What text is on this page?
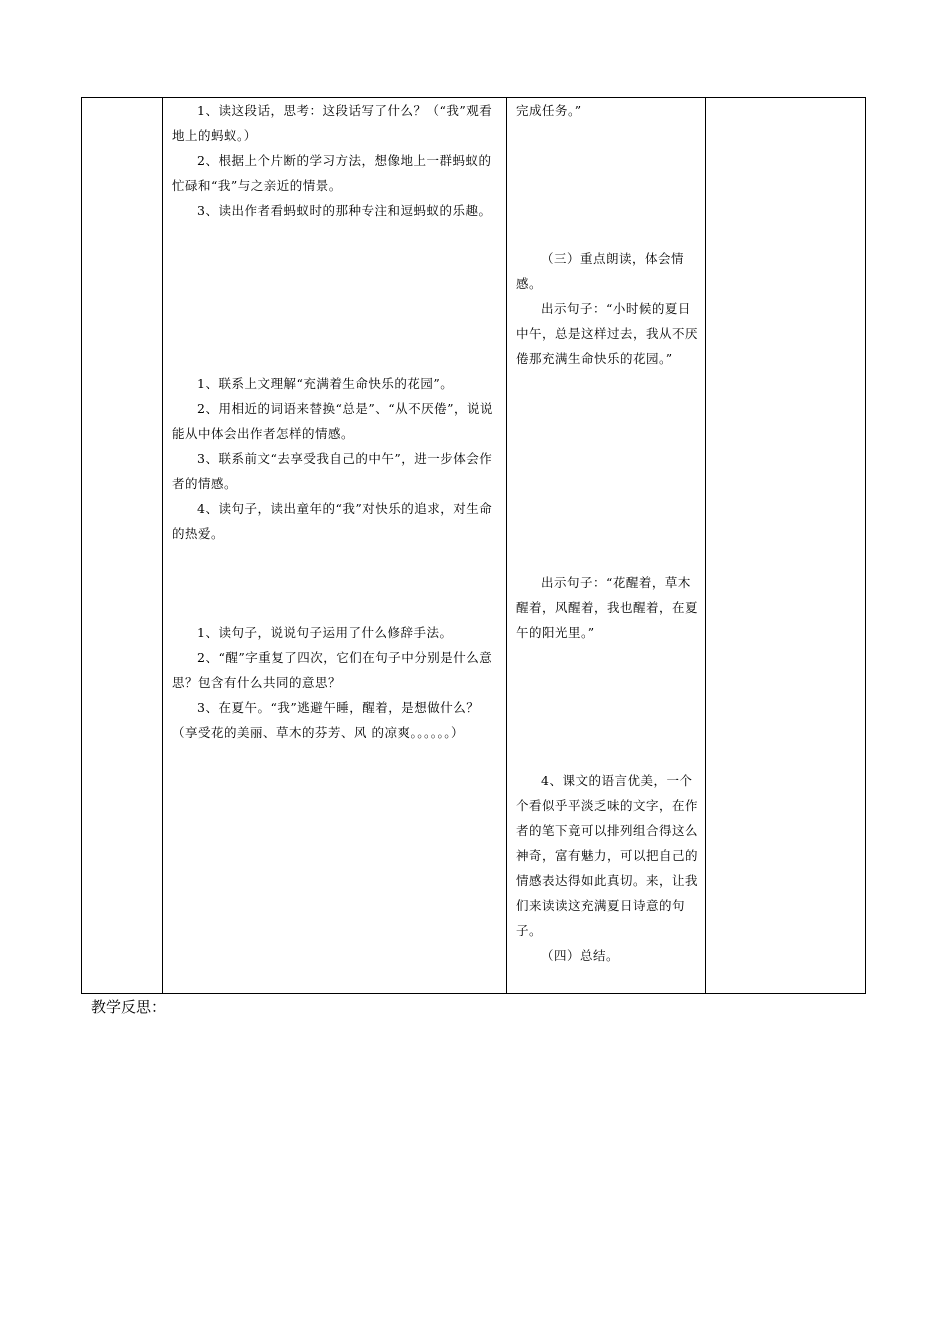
1、读这段话，思考：这段话写了什么？（“我”观看地上的蚂蚁。）
2、根据上个片断的学习方法，想像地上一群蚂蚁的忙碌和“我”与之亲近的情景。
3、读出作者看蚂蚁时的那种专注和逗蚂蚁的乐趣。
1、联系上文理解“充满着生命快乐的花园”。
2、用相近的词语来替换“总是”、“从不厌倦”，说说能从中体会出作者怎样的情感。
3、联系前文“去享受我自己的中午”，进一步体会作者的情感。
4、读句子，读出童年的“我”对快乐的追求，对生命的热爱。
1、读句子，说说句子运用了什么修辞手法。
2、“醒”字重复了四次，它们在句子中分别是什么意思？包含有什么共同的意思？
3、在夏午。“我”逃避午睡，醒着，是想做什么？（享受花的美丽、草木的芬芳、风 的凉爽。。。。。。）
完成任务。”
（三）重点朗读，体会情感。
出示句子：“小时候的夏日中午，总是这样过去，我从不厌倦那充满生命快乐的花园。”
出示句子：“花醒着，草木醒着，风醒着，我也醒着，在夏午的阳光里。”
4、课文的语言优美，一个个看似乎平淡乏味的文字，在作者的笔下竟可以排列组合得这么神奇，富有魅力，可以把自己的情感表达得如此真切。来，让我们来读读这充满夏日诗意的句子。
（四）总结。
教学反思：
